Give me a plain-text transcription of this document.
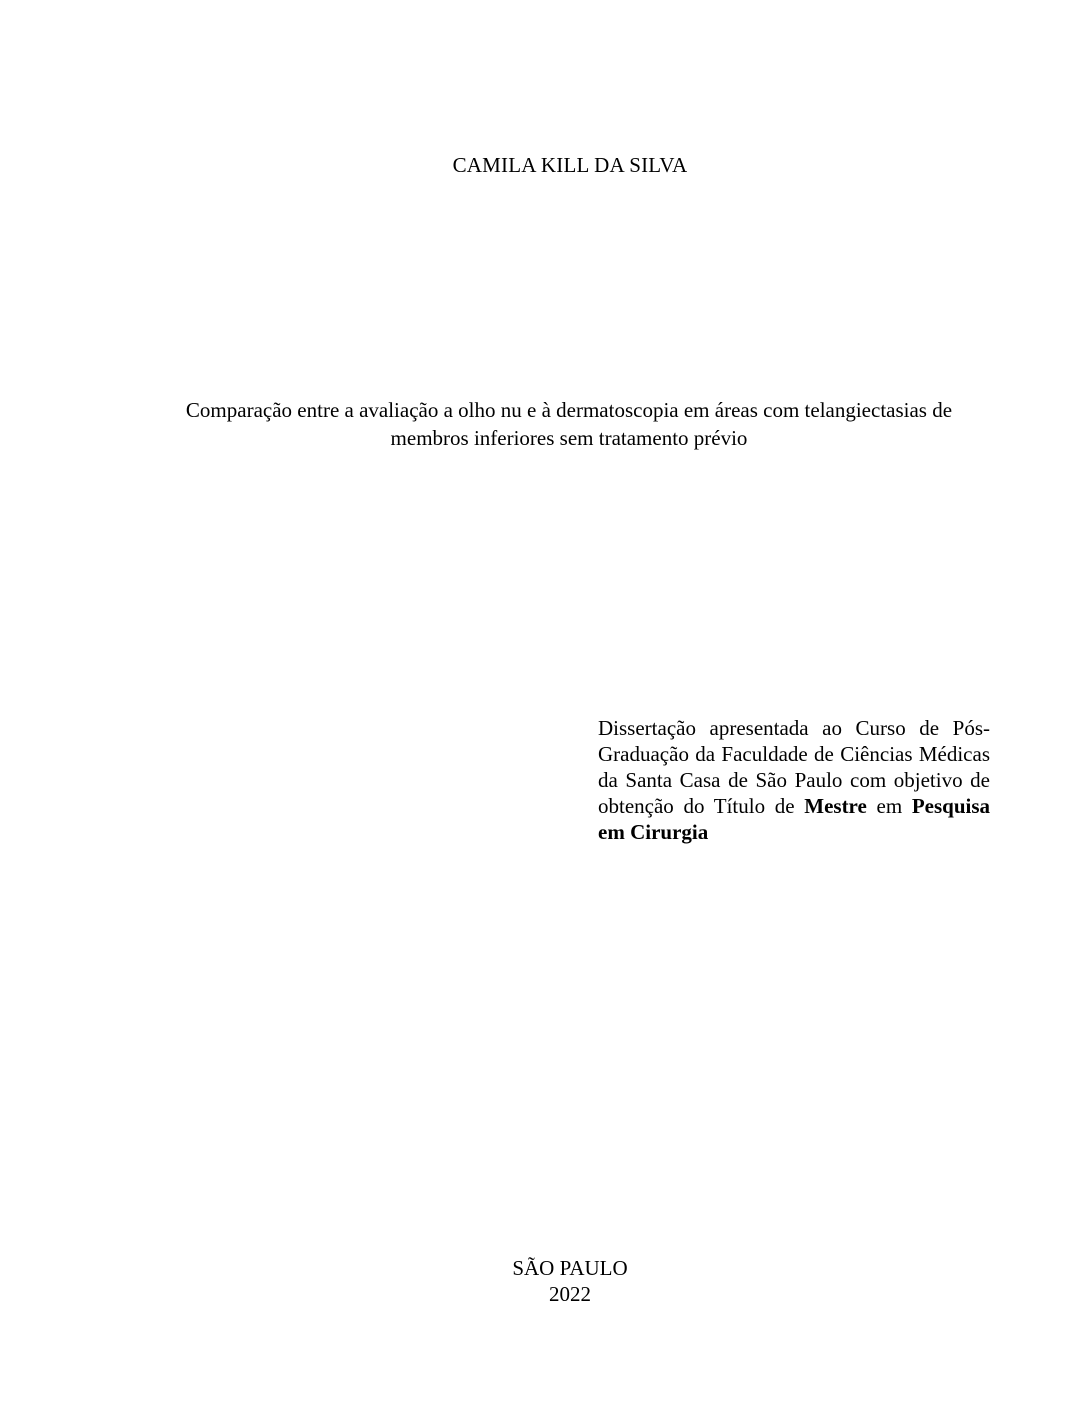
CAMILA KILL DA SILVA
Comparação entre a avaliação a olho nu e à dermatoscopia em áreas com telangiectasias de
membros inferiores sem tratamento prévio
Dissertação apresentada ao Curso de Pós-Graduação da Faculdade de Ciências Médicas da Santa Casa de São Paulo com objetivo de obtenção do Título de Mestre em Pesquisa em Cirurgia
SÃO PAULO
2022
